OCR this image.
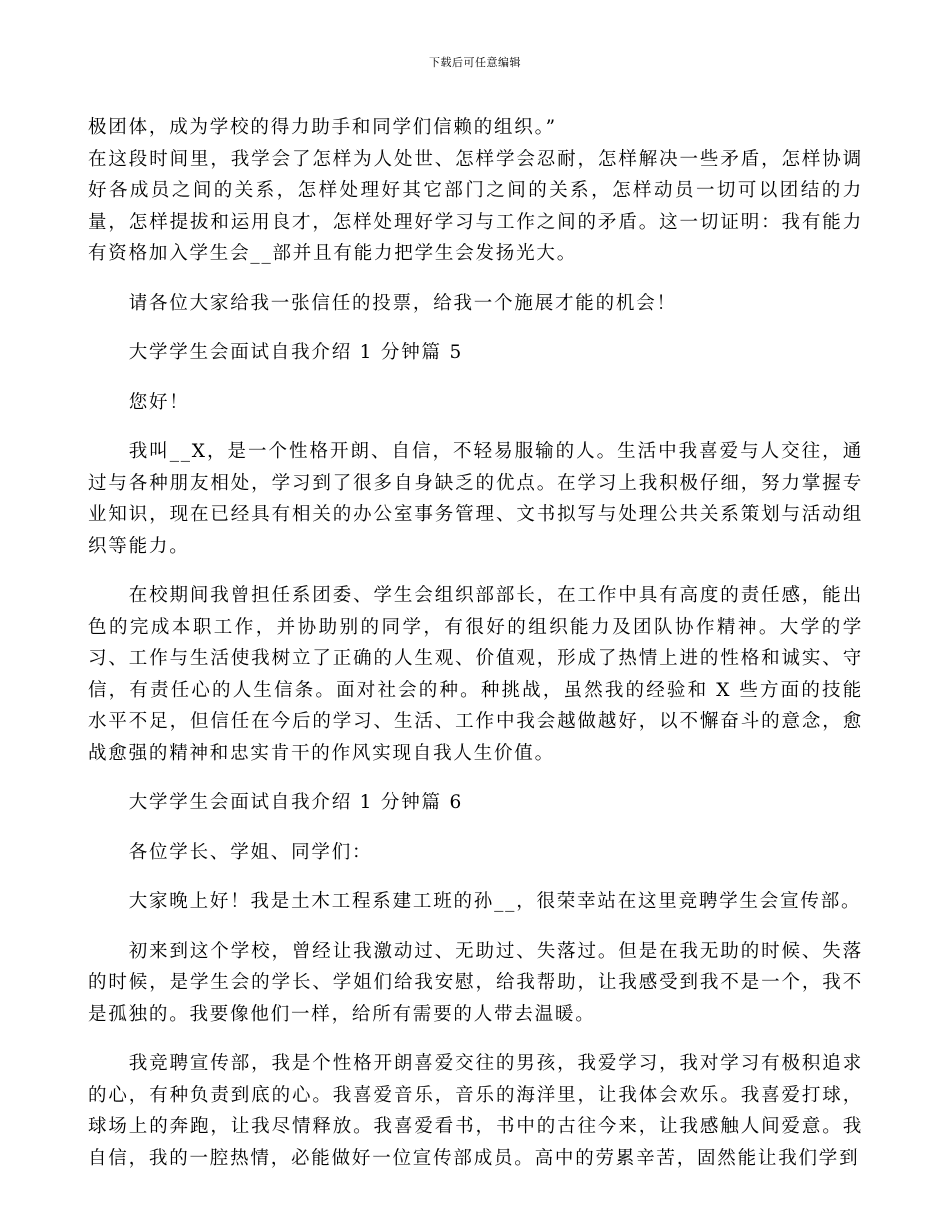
下载后可任意编辑

极团体，成为学校的得力助手和同学们信赖的组织。”

在这段时间里，我学会了怎样为人处世、怎样学会忍耐，怎样解决一些矛盾，怎样协调好各成员之间的关系，怎样处理好其它部门之间的关系，怎样动员一切可以团结的力量，怎样提拔和运用良才，怎样处理好学习与工作之间的矛盾。这一切证明：我有能力有资格加入学生会__部并且有能力把学生会发扬光大。

请各位大家给我一张信任的投票，给我一个施展才能的机会！

大学学生会面试自我介绍 1 分钟篇 5

您好！

我叫__X，是一个性格开朗、自信，不轻易服输的人。生活中我喜爱与人交往，通过与各种朋友相处，学习到了很多自身缺乏的优点。在学习上我积极仔细，努力掌握专业知识，现在已经具有相关的办公室事务管理、文书拟写与处理公共关系策划与活动组织等能力。

在校期间我曾担任系团委、学生会组织部部长，在工作中具有高度的责任感，能出色的完成本职工作，并协助别的同学，有很好的组织能力及团队协作精神。大学的学习、工作与生活使我树立了正确的人生观、价值观，形成了热情上进的性格和诚实、守信，有责任心的人生信条。面对社会的种。种挑战，虽然我的经验和 X 些方面的技能水平不足，但信任在今后的学习、生活、工作中我会越做越好，以不懈奋斗的意念，愈战愈强的精神和忠实肯干的作风实现自我人生价值。

大学学生会面试自我介绍 1 分钟篇 6

各位学长、学姐、同学们：

大家晚上好！我是土木工程系建工班的孙__，很荣幸站在这里竞聘学生会宣传部。

初来到这个学校，曾经让我激动过、无助过、失落过。但是在我无助的时候、失落的时候，是学生会的学长、学姐们给我安慰，给我帮助，让我感受到我不是一个，我不是孤独的。我要像他们一样，给所有需要的人带去温暖。

我竞聘宣传部，我是个性格开朗喜爱交往的男孩，我爱学习，我对学习有极积追求的心，有种负责到底的心。我喜爱音乐，音乐的海洋里，让我体会欢乐。我喜爱打球，球场上的奔跑，让我尽情释放。我喜爱看书，书中的古往今来，让我感触人间爱意。我自信，我的一腔热情，必能做好一位宣传部成员。高中的劳累辛苦，固然能让我们学到
